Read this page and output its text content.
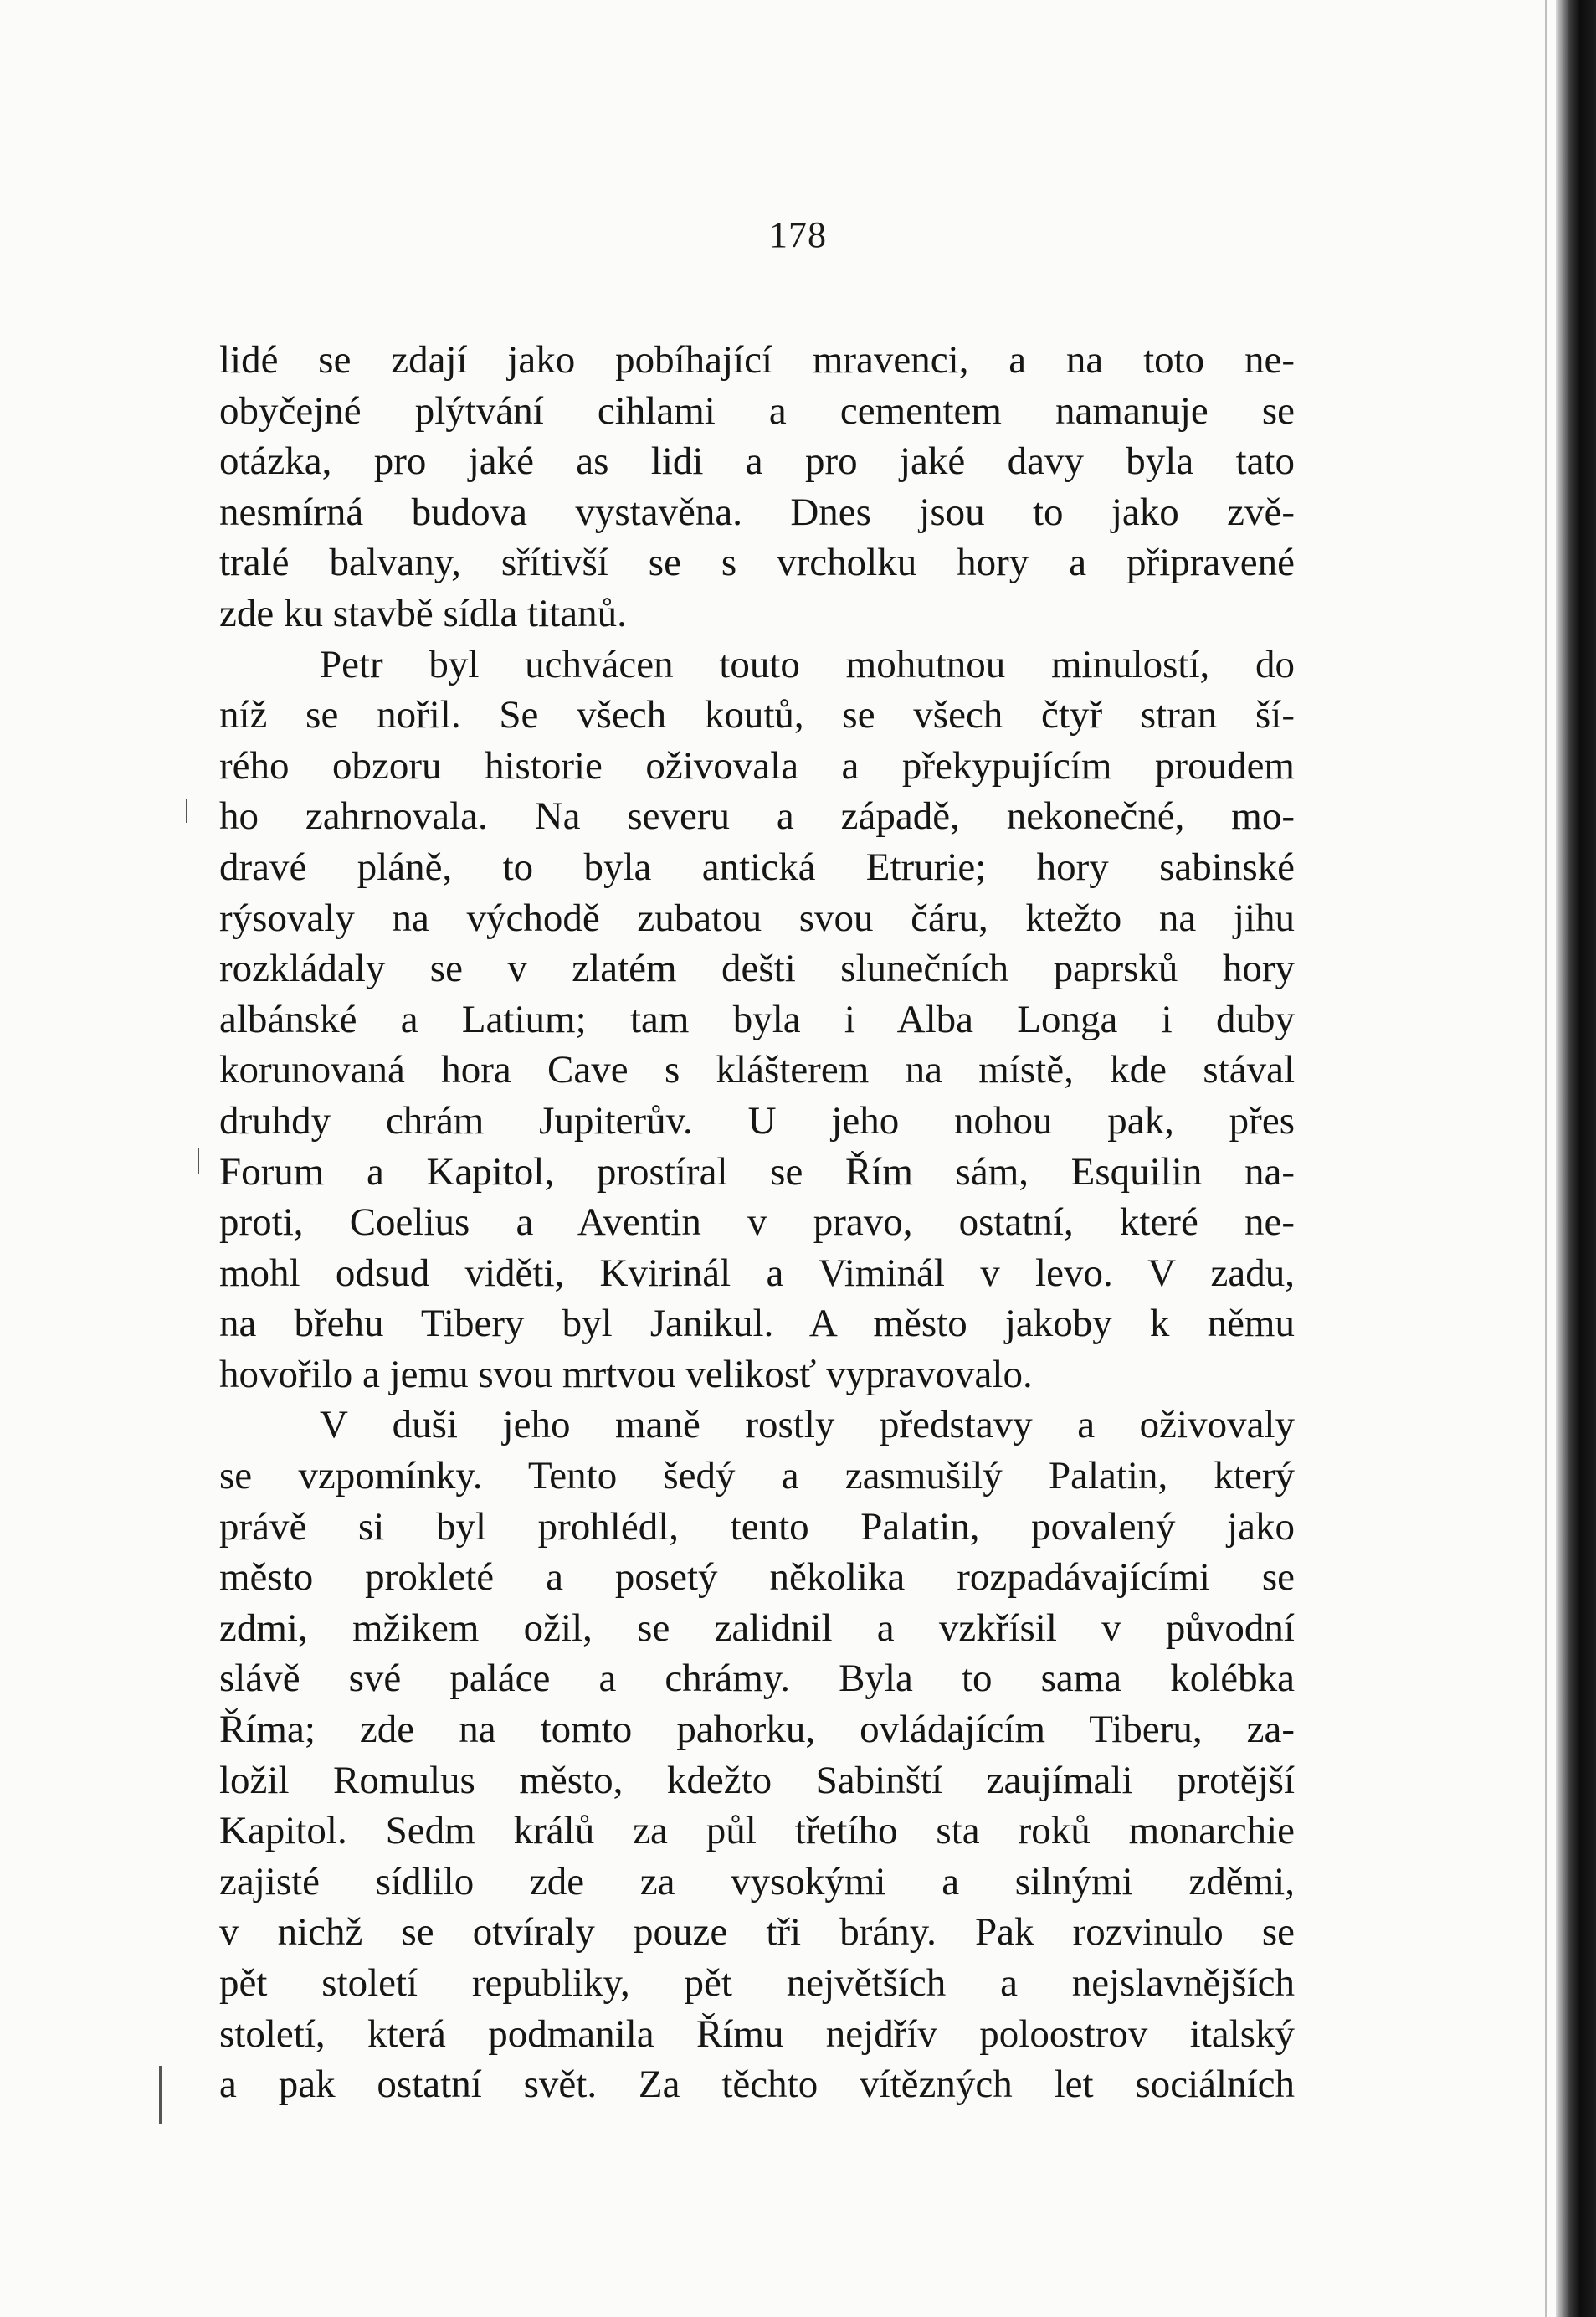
178
lidé se zdají jako pobíhající mravenci, a na toto ne-
obyčejné plýtvání cihlami a cementem namanuje se
otázka, pro jaké as lidi a pro jaké davy byla tato
nesmírná budova vystavěna. Dnes jsou to jako zvě-
tralé balvany, sřítivší se s vrcholku hory a připravené
zde ku stavbě sídla titanů.
Petr byl uchvácen touto mohutnou minulostí, do
níž se nořil. Se všech koutů, se všech čtyř stran ší-
rého obzoru historie oživovala a překypujícím proudem
ho zahrnovala. Na severu a západě, nekonečné, mo-
dravé pláně, to byla antická Etrurie; hory sabinské
rýsovaly na východě zubatou svou čáru, ktežto na jihu
rozkládaly se v zlatém dešti slunečních paprsků hory
albánské a Latium; tam byla i Alba Longa i duby
korunovaná hora Cave s klášterem na místě, kde stával
druhdy chrám Jupiterův. U jeho nohou pak, přes
Forum a Kapitol, prostíral se Řím sám, Esquilin na-
proti, Coelius a Aventin v pravo, ostatní, které ne-
mohl odsud viděti, Kvirinál a Viminál v levo. V zadu,
na břehu Tibery byl Janikul. A město jakoby k němu
hovořilo a jemu svou mrtvou velikosť vypravovalo.
V duši jeho maně rostly představy a oživovaly
se vzpomínky. Tento šedý a zasmušilý Palatin, který
právě si byl prohlédl, tento Palatin, povalený jako
město prokleté a posetý několika rozpadávajícími se
zdmi, mžikem ožil, se zalidnil a vzkřísil v původní
slávě své paláce a chrámy. Byla to sama kolébka
Říma; zde na tomto pahorku, ovládajícím Tiberu, za-
ložil Romulus město, kdežto Sabinští zaujímali protější
Kapitol. Sedm králů za půl třetího sta roků monarchie
zajisté sídlilo zde za vysokými a silnými zděmi,
v nichž se otvíraly pouze tři brány. Pak rozvinulo se
pět století republiky, pět největších a nejslavnějších
století, která podmanila Římu nejdřív poloostrov italský
a pak ostatní svět. Za těchto vítězných let sociálních
